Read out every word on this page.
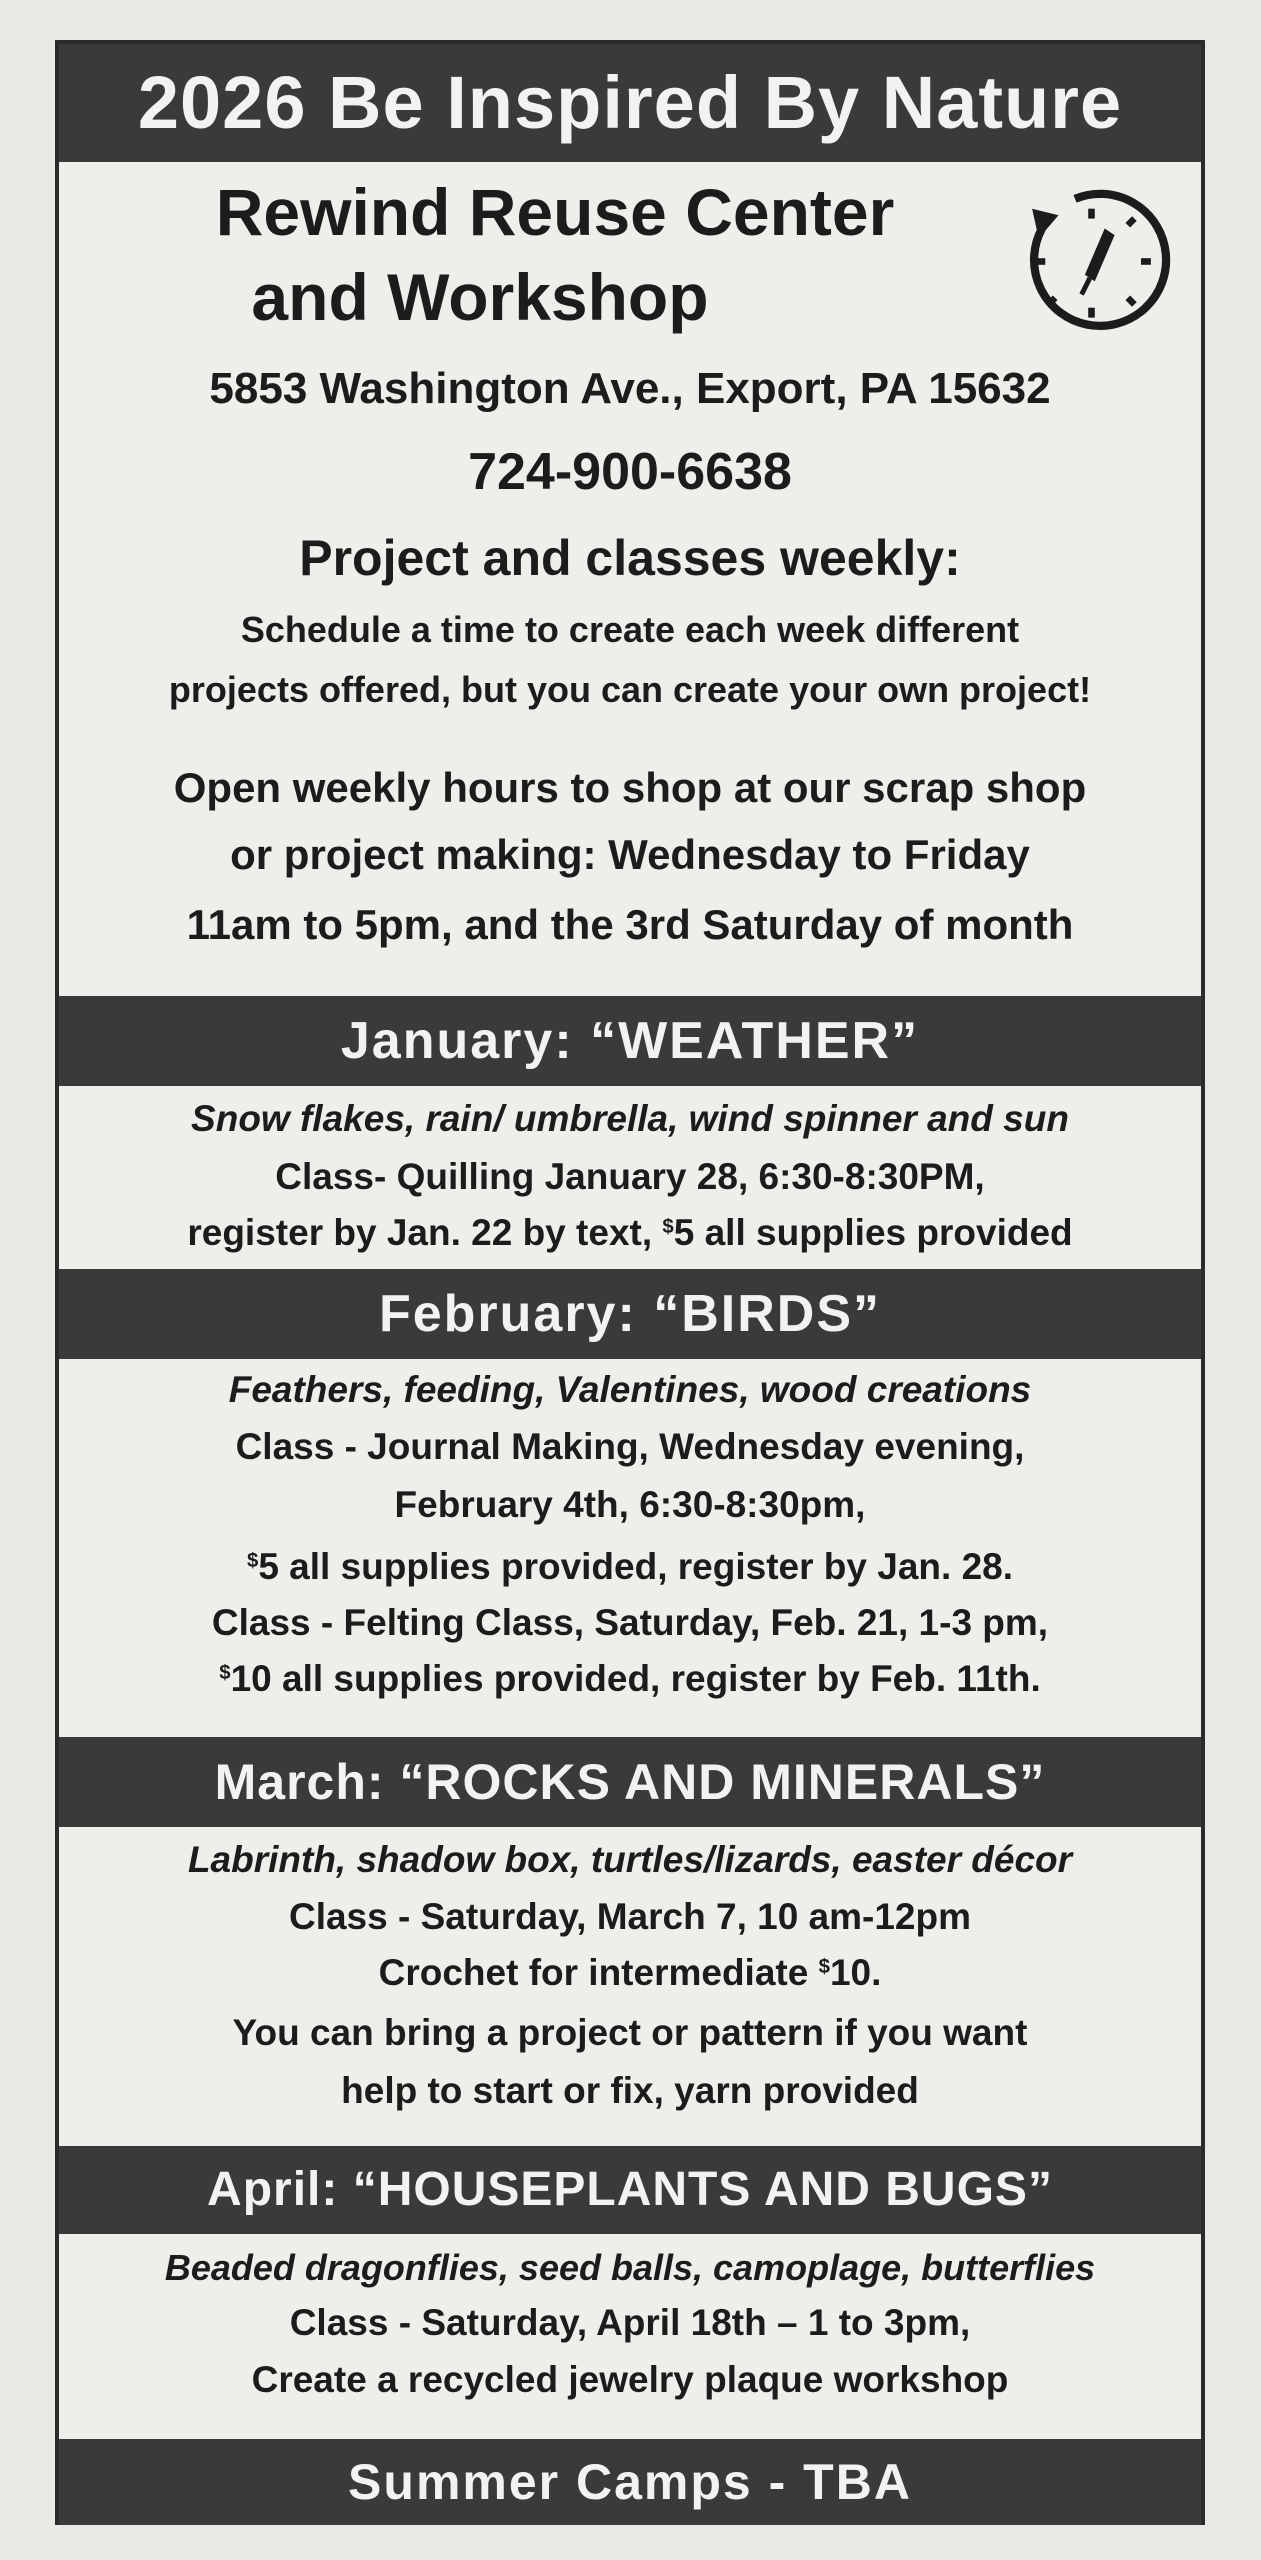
2026 Be Inspired By Nature
Rewind Reuse Center
and Workshop
5853 Washington Ave., Export, PA 15632
724-900-6638
Project and classes weekly:
Schedule a time to create each week different
projects offered, but you can create your own project!
Open weekly hours to shop at our scrap shop
or project making: Wednesday to Friday
11am to 5pm, and the 3rd Saturday of month
January: “WEATHER”
Snow flakes, rain/ umbrella, wind spinner and sun
Class- Quilling January 28, 6:30-8:30PM,
register by Jan. 22 by text, $5 all supplies provided
February: “BIRDS”
Feathers, feeding, Valentines, wood creations
Class - Journal Making, Wednesday evening,
February 4th, 6:30-8:30pm,
$5 all supplies provided, register by Jan. 28.
Class - Felting Class, Saturday, Feb. 21, 1-3 pm,
$10 all supplies provided, register by Feb. 11th.
March: “ROCKS AND MINERALS”
Labrinth, shadow box, turtles/lizards, easter décor
Class - Saturday, March 7, 10 am-12pm
Crochet for intermediate $10.
You can bring a project or pattern if you want
help to start or fix, yarn provided
April: “HOUSEPLANTS AND BUGS”
Beaded dragonflies, seed balls, camoplage, butterflies
Class - Saturday, April 18th – 1 to 3pm,
Create a recycled jewelry plaque workshop
Summer Camps - TBA
